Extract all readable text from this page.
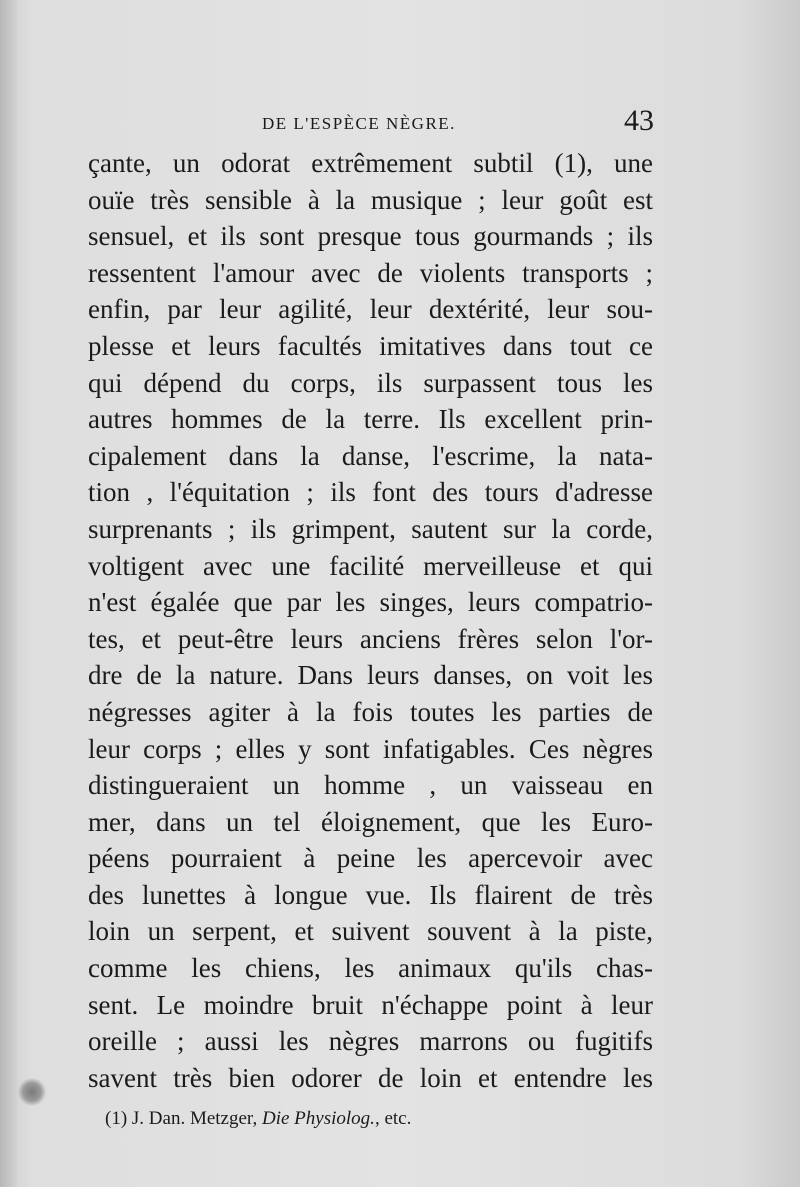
DE L'ESPÈCE NÈGRE.	43
çante, un odorat extrêmement subtil (1), une
ouïe très sensible à la musique ; leur goût est
sensuel, et ils sont presque tous gourmands ; ils
ressentent l'amour avec de violents transports ;
enfin, par leur agilité, leur dextérité, leur sou-
plesse et leurs facultés imitatives dans tout ce
qui dépend du corps, ils surpassent tous les
autres hommes de la terre. Ils excellent prin-
cipalement dans la danse, l'escrime, la nata-
tion , l'équitation ; ils font des tours d'adresse
surprenants ; ils grimpent, sautent sur la corde,
voltigent avec une facilité merveilleuse et qui
n'est égalée que par les singes, leurs compatrio-
tes, et peut-être leurs anciens frères selon l'or-
dre de la nature. Dans leurs danses, on voit les
négresses agiter à la fois toutes les parties de
leur corps ; elles y sont infatigables. Ces nègres
distingueraient un homme , un vaisseau en
mer, dans un tel éloignement, que les Euro-
péens pourraient à peine les apercevoir avec
des lunettes à longue vue. Ils flairent de très
loin un serpent, et suivent souvent à la piste,
comme les chiens, les animaux qu'ils chas-
sent. Le moindre bruit n'échappe point à leur
oreille ; aussi les nègres marrons ou fugitifs
savent très bien odorer de loin et entendre les
(1) J. Dan. Metzger, Die Physiolog., etc.
